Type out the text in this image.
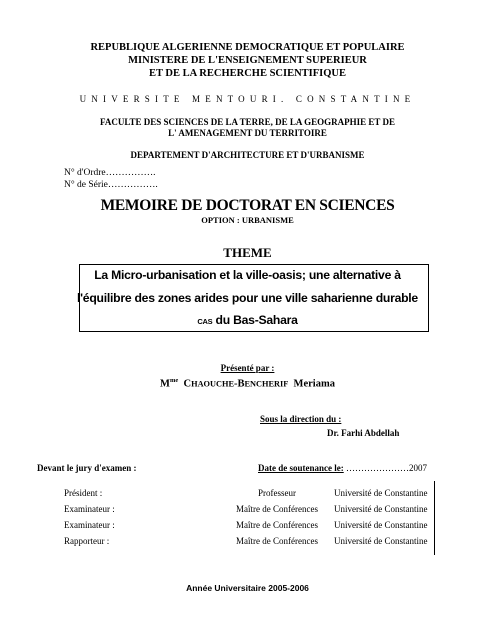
REPUBLIQUE ALGERIENNE DEMOCRATIQUE ET POPULAIRE
MINISTERE DE L'ENSEIGNEMENT SUPERIEUR
ET DE LA RECHERCHE SCIENTIFIQUE
UNIVERSITE MENTOURI. CONSTANTINE
FACULTE DES SCIENCES DE LA TERRE, DE LA GEOGRAPHIE ET DE
L' AMENAGEMENT DU TERRITOIRE
DEPARTEMENT D'ARCHITECTURE ET D'URBANISME
N° d'Ordre…………….
N° de Série…………….
MEMOIRE DE DOCTORAT EN SCIENCES
OPTION : URBANISME
THEME
La Micro-urbanisation et la ville-oasis; une alternative à
l'équilibre des zones arides pour une ville saharienne durable
CAS du Bas-Sahara
Présenté par :
$M^{me}$ CHAOUCHE-BENCHERIF Meriama
Sous la direction du :
Dr. Farhi Abdellah
Devant le jury d'examen :	Date de soutenance le: …………………2007
Président :	Professeur	Université de Constantine
Examinateur :	Maître de Conférences Université de Constantine
Examinateur :	Maître de Conférences Université de Constantine
Rapporteur :	Maître de Conférences Université de Constantine
Année Universitaire 2005-2006
